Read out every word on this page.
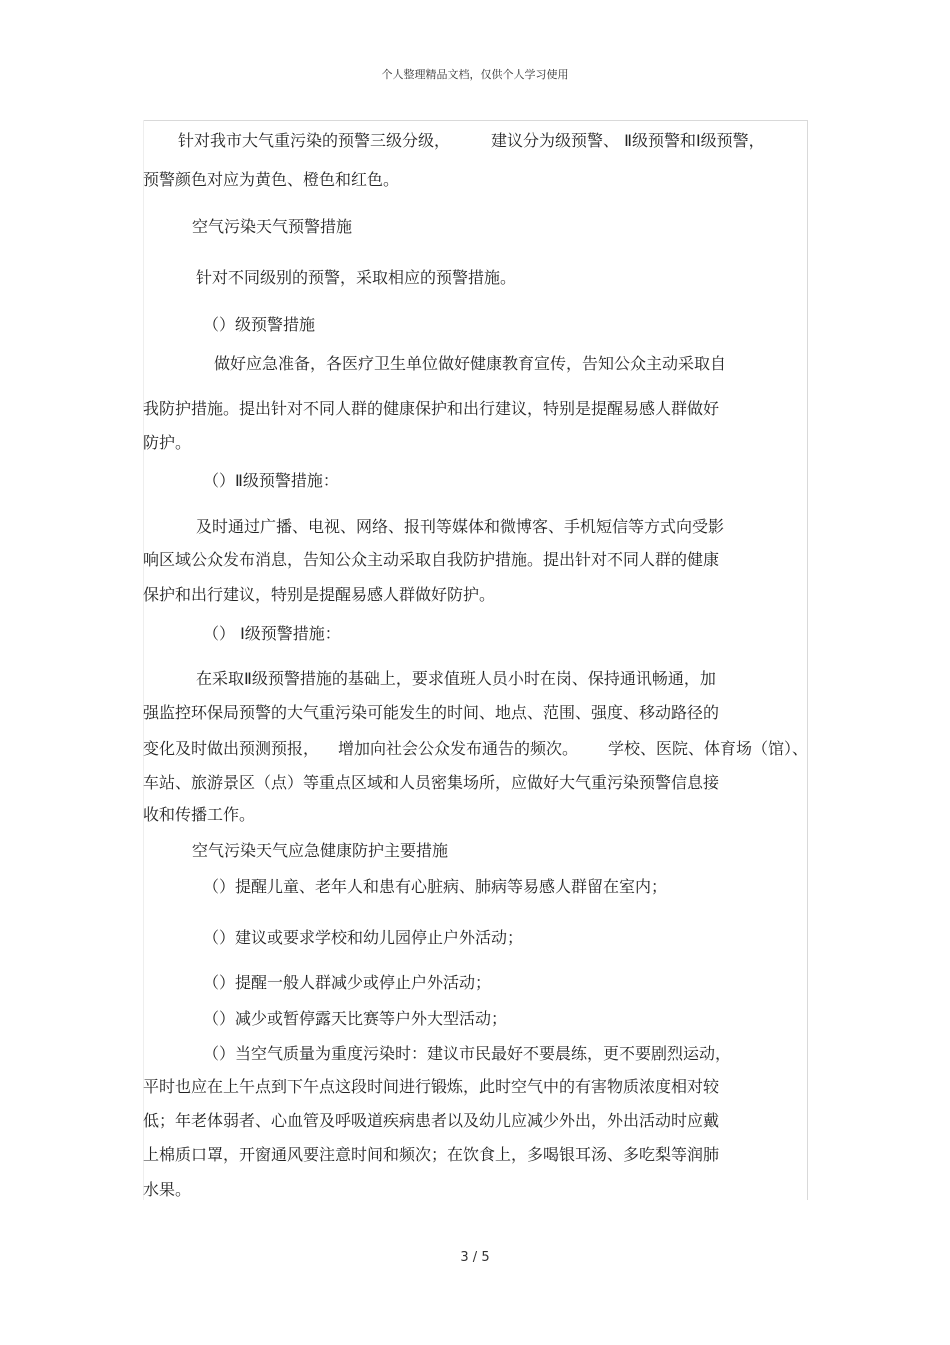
个人整理精品文档，仅供个人学习使用
针对我市大气重污染的预警三级分级，	建议分为级预警、 Ⅱ级预警和Ⅰ级预警，
预警颜色对应为黄色、橙色和红色。
空气污染天气预警措施
针对不同级别的预警，采取相应的预警措施。
（）级预警措施
做好应急准备，各医疗卫生单位做好健康教育宣传，告知公众主动采取自
我防护措施。提出针对不同人群的健康保护和出行建议，特别是提醒易感人群做好
防护。
（）Ⅱ级预警措施：
及时通过广播、电视、网络、报刊等媒体和微博客、手机短信等方式向受影
响区域公众发布消息，告知公众主动采取自我防护措施。提出针对不同人群的健康
保护和出行建议，特别是提醒易感人群做好防护。
（） Ⅰ级预警措施：
在采取Ⅱ级预警措施的基础上，要求值班人员小时在岗、保持通讯畅通，加
强监控环保局预警的大气重污染可能发生的时间、地点、范围、强度、移动路径的
变化及时做出预测预报， 增加向社会公众发布通告的频次。 学校、医院、体育场（馆）、
车站、旅游景区（点）等重点区域和人员密集场所，应做好大气重污染预警信息接
收和传播工作。
空气污染天气应急健康防护主要措施
（）提醒儿童、老年人和患有心脏病、肺病等易感人群留在室内；
（）建议或要求学校和幼儿园停止户外活动；
（）提醒一般人群减少或停止户外活动；
（）减少或暂停露天比赛等户外大型活动；
（）当空气质量为重度污染时：建议市民最好不要晨练，更不要剧烈运动，
平时也应在上午点到下午点这段时间进行锻炼，此时空气中的有害物质浓度相对较
低；年老体弱者、心血管及呼吸道疾病患者以及幼儿应减少外出，外出活动时应戴
上棉质口罩，开窗通风要注意时间和频次；在饮食上，多喝银耳汤、多吃梨等润肺
水果。
3 / 5
